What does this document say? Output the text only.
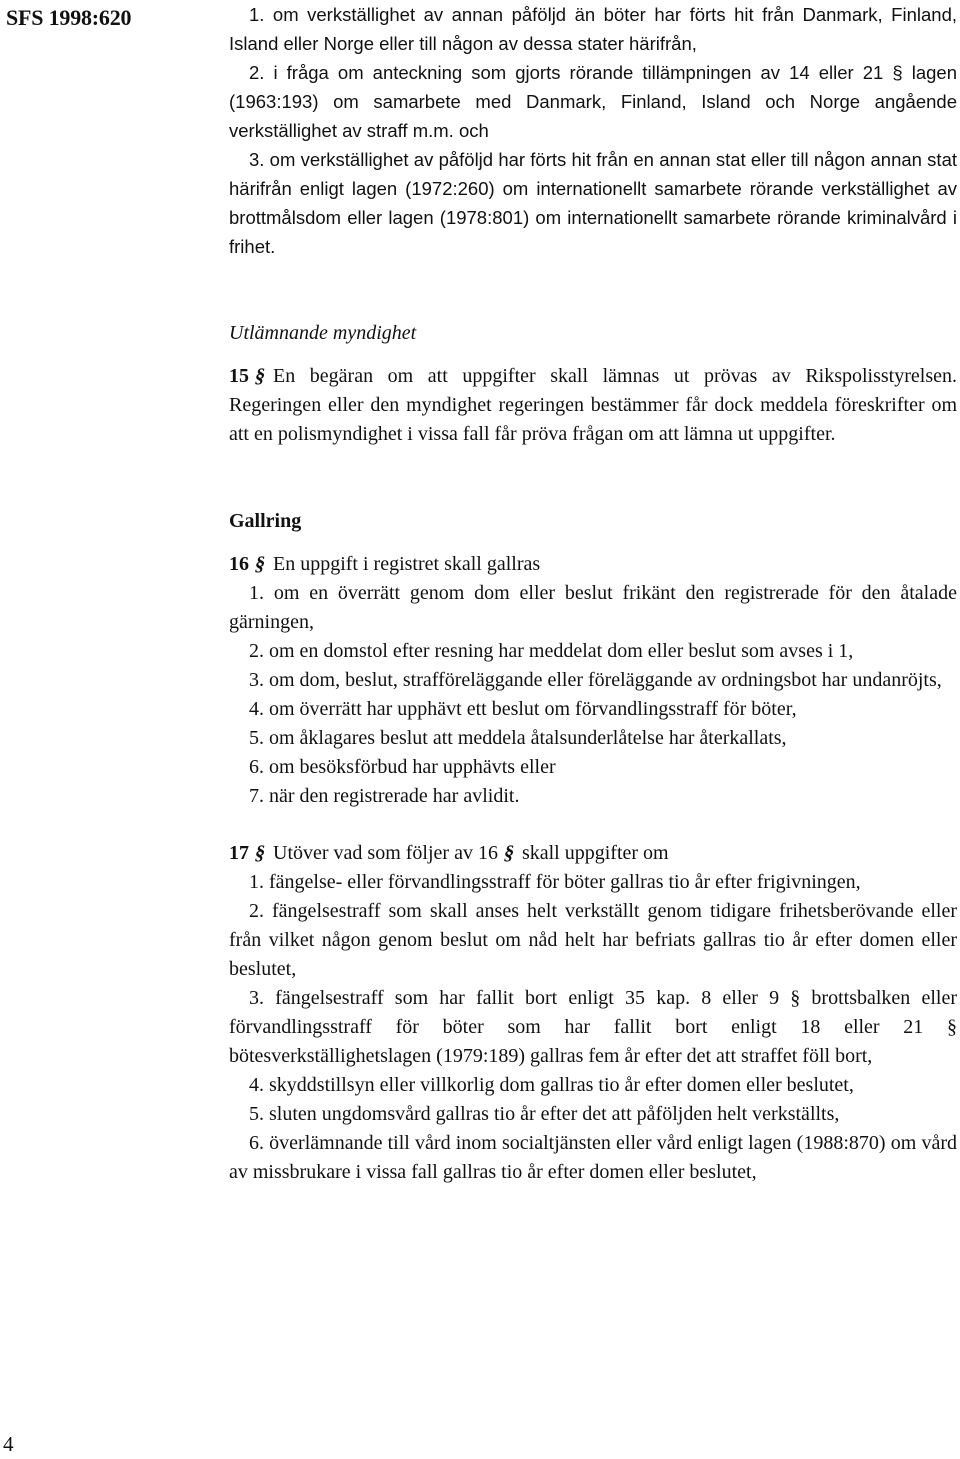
SFS 1998:620
4

1. om verkställighet av annan påföljd än böter har förts hit från Danmark, Finland, Island eller Norge eller till någon av dessa stater härifrån,

2. i fråga om anteckning som gjorts rörande tillämpningen av 14 eller 21 § lagen (1963:193) om samarbete med Danmark, Finland, Island och Norge angående verkställighet av straff m.m. och

3. om verkställighet av påföljd har förts hit från en annan stat eller till någon annan stat härifrån enligt lagen (1972:260) om internationellt samarbete rörande verkställighet av brottmålsdom eller lagen (1978:801) om internationellt samarbete rörande kriminalvård i frihet.

Utlämnande myndighet

15 § En begäran om att uppgifter skall lämnas ut prövas av Rikspolisstyrelsen. Regeringen eller den myndighet regeringen bestämmer får dock meddela föreskrifter om att en polismyndighet i vissa fall får pröva frågan om att lämna ut uppgifter.

Gallring

16 § En uppgift i registret skall gallras

1. om en överrätt genom dom eller beslut frikänt den registrerade för den åtalade gärningen,

2. om en domstol efter resning har meddelat dom eller beslut som avses i 1,

3. om dom, beslut, strafföreläggande eller föreläggande av ordningsbot har undanröjts,

4. om överrätt har upphävt ett beslut om förvandlingsstraff för böter,

5. om åklagares beslut att meddela åtalsunderlåtelse har återkallats,

6. om besöksförbud har upphävts eller

7. när den registrerade har avlidit.

17 § Utöver vad som följer av 16 § skall uppgifter om

1. fängelse- eller förvandlingsstraff för böter gallras tio år efter frigivningen,

2. fängelsestraff som skall anses helt verkställt genom tidigare frihetsberövande eller från vilket någon genom beslut om nåd helt har befriats gallras tio år efter domen eller beslutet,

3. fängelsestraff som har fallit bort enligt 35 kap. 8 eller 9 § brottsbalken eller förvandlingsstraff för böter som har fallit bort enligt 18 eller 21 § bötesverkställighetslagen (1979:189) gallras fem år efter det att straffet föll bort,

4. skyddstillsyn eller villkorlig dom gallras tio år efter domen eller beslutet,

5. sluten ungdomsvård gallras tio år efter det att påföljden helt verkställts,

6. överlämnande till vård inom socialtjänsten eller vård enligt lagen (1988:870) om vård av missbrukare i vissa fall gallras tio år efter domen eller beslutet,
